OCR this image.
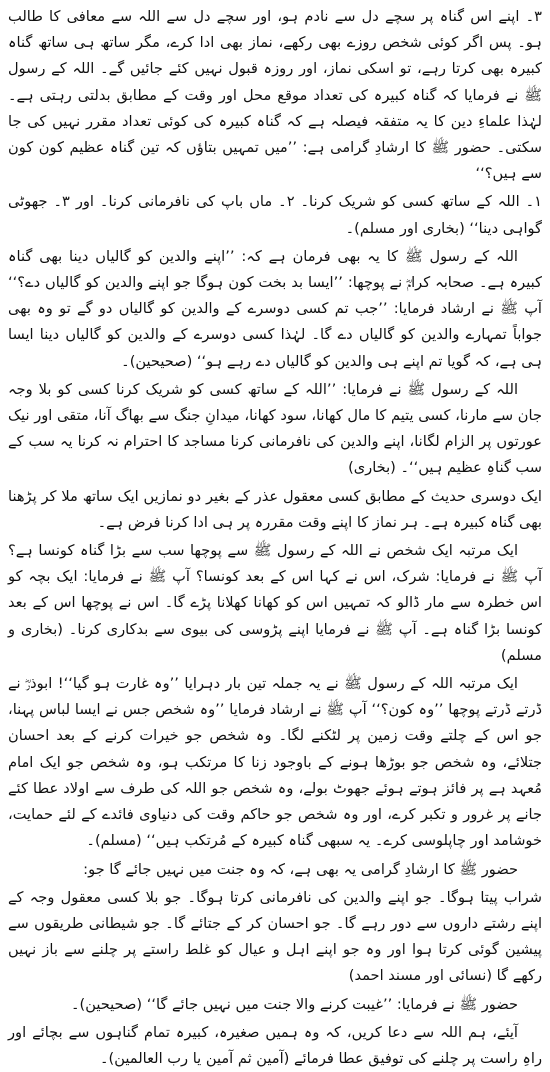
۳۔ اپنے اس گناہ پر سچے دل سے نادم ہو، اور سچے دل سے اللہ سے معافی کا طالب ہو۔ پس اگر کوئی شخص روزے بھی رکھے، نماز بھی ادا کرے، مگر ساتھ ہی ساتھ گناہ کبیرہ بھی کرتا رہے، تو اسکی نماز، اور روزہ قبول نہیں کئے جائیں گے۔ اللہ کے رسول ﷺ نے فرمایا کہ گناہ کبیرہ کی تعداد موقع محل اور وقت کے مطابق بدلتی رہتی ہے۔ لہٰذا علماءِ دین کا یہ متفقہ فیصلہ ہے کہ گناہ کبیرہ کی کوئی تعداد مقرر نہیں کی جا سکتی۔ حضور ﷺ کا ارشادِ گرامی ہے: ’’میں تمہیں بتاؤں کہ تین گناہ عظیم کون کون سے ہیں؟‘‘

۱۔ اللہ کے ساتھ کسی کو شریک کرنا۔ ۲۔ ماں باپ کی نافرمانی کرنا۔ اور ۳۔ جھوٹی گواہی دینا‘‘ (بخاری اور مسلم)۔

اللہ کے رسول ﷺ کا یہ بھی فرمان ہے کہ: ’’اپنے والدین کو گالیاں دینا بھی گناہ کبیرہ ہے۔ صحابہ کرامؓ نے پوچھا: ’’ایسا بد بخت کون ہوگا جو اپنے والدین کو گالیاں دے؟‘‘ آپ ﷺ نے ارشاد فرمایا: ’’جب تم کسی دوسرے کے والدین کو گالیاں دو گے تو وہ بھی جواباً تمہارے والدین کو گالیاں دے گا۔ لہٰذا کسی دوسرے کے والدین کو گالیاں دینا ایسا ہی ہے، کہ گویا تم اپنے ہی والدین کو گالیاں دے رہے ہو‘‘ (صحیحین)۔

اللہ کے رسول ﷺ نے فرمایا: ’’اللہ کے ساتھ کسی کو شریک کرنا کسی کو بلا وجہ جان سے مارنا، کسی یتیم کا مال کھانا، سود کھانا، میدانِ جنگ سے بھاگ آنا، متقی اور نیک عورتوں پر الزام لگانا، اپنے والدین کی نافرمانی کرنا مساجد کا احترام نہ کرنا یہ سب کے سب گناہِ عظیم ہیں‘‘۔ (بخاری)

ایک دوسری حدیث کے مطابق کسی معقول عذر کے بغیر دو نمازیں ایک ساتھ ملا کر پڑھنا بھی گناہ کبیرہ ہے۔ ہر نماز کا اپنے وقت مقررہ پر ہی ادا کرنا فرض ہے۔

ایک مرتبہ ایک شخص نے اللہ کے رسول ﷺ سے پوچھا سب سے بڑا گناہ کونسا ہے؟ آپ ﷺ نے فرمایا: شرک، اس نے کہا اس کے بعد کونسا؟ آپ ﷺ نے فرمایا: ایک بچہ کو اس خطرہ سے مار ڈالو کہ تمہیں اس کو کھانا کھلانا پڑے گا۔ اس نے پوچھا اس کے بعد کونسا بڑا گناہ ہے۔ آپ ﷺ نے فرمایا اپنے پڑوسی کی بیوی سے بدکاری کرنا۔ (بخاری و مسلم)

ایک مرتبہ اللہ کے رسول ﷺ نے یہ جملہ تین بار دہرایا ’’وہ غارت ہو گیا‘‘! ابوذرؓ نے ڈرتے ڈرتے پوچھا ’’وہ کون؟‘‘ آپ ﷺ نے ارشاد فرمایا ’’وہ شخص جس نے ایسا لباس پہنا، جو اس کے چلتے وقت زمین پر لٹکنے لگا۔ وہ شخص جو خیرات کرنے کے بعد احسان جتلائے، وہ شخص جو بوڑھا ہونے کے باوجود زنا کا مرتکب ہو، وہ شخص جو ایک امام مُعہد ہے پر فائز ہوتے ہوئے جھوٹ بولے، وہ شخص جو اللہ کی طرف سے اولاد عطا کئے جانے پر غرور و تکبر کرے، اور وہ شخص جو حاکم وقت کی دنیاوی فائدے کے لئے حمایت، خوشامد اور چاپلوسی کرے۔ یہ سبھی گناہ کبیرہ کے مُرتکب ہیں‘‘ (مسلم)۔

حضور ﷺ کا ارشادِ گرامی یہ بھی ہے، کہ وہ جنت میں نہیں جائے گا جو:

شراب پیتا ہوگا۔ جو اپنے والدین کی نافرمانی کرتا ہوگا۔ جو بلا کسی معقول وجہ کے اپنے رشتے داروں سے دور رہے گا۔ جو احسان کر کے جتائے گا۔ جو شیطانی طریقوں سے پیشین گوئی کرتا ہوا اور وہ جو اپنے اہل و عیال کو غلط راستے پر چلنے سے باز نہیں رکھے گا (نسائی اور مسند احمد)

حضور ﷺ نے فرمایا: ’’غیبت کرنے والا جنت میں نہیں جائے گا‘‘ (صحیحین)۔

آیئے، ہم اللہ سے دعا کریں، کہ وہ ہمیں صغیرہ، کبیرہ تمام گناہوں سے بچائے اور راہِ راست پر چلنے کی توفیق عطا فرمائے (آمین ثم آمین یا رب العالمین)۔
